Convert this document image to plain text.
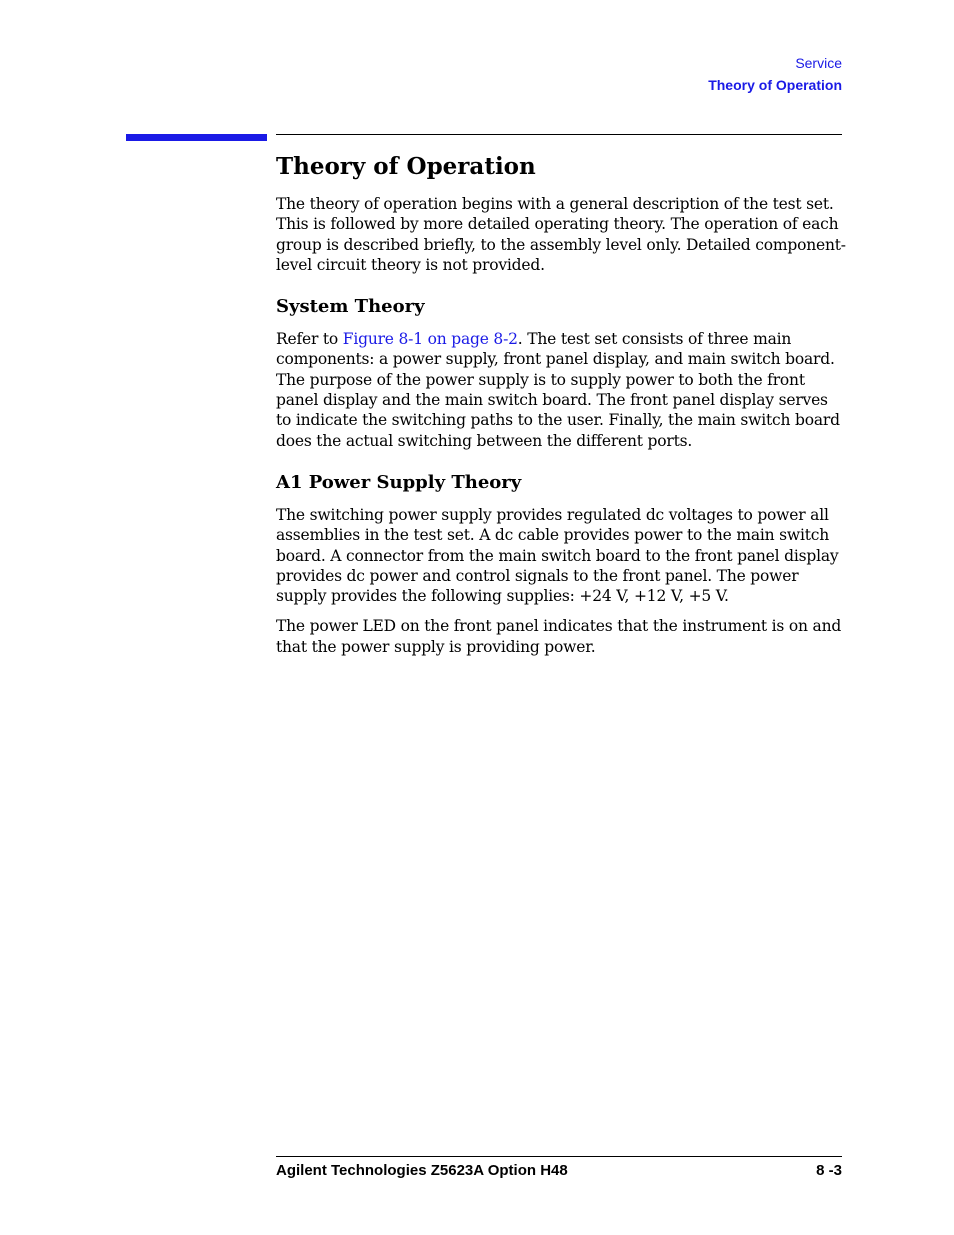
Service
Theory of Operation
Theory of Operation

The theory of operation begins with a general description of the test set. This is followed by more detailed operating theory. The operation of each group is described briefly, to the assembly level only. Detailed component-level circuit theory is not provided.

System Theory

Refer to Figure 8-1 on page 8-2. The test set consists of three main components: a power supply, front panel display, and main switch board. The purpose of the power supply is to supply power to both the front panel display and the main switch board. The front panel display serves to indicate the switching paths to the user. Finally, the main switch board does the actual switching between the different ports.

A1 Power Supply Theory

The switching power supply provides regulated dc voltages to power all assemblies in the test set. A dc cable provides power to the main switch board. A connector from the main switch board to the front panel display provides dc power and control signals to the front panel. The power supply provides the following supplies: +24 V, +12 V, +5 V.

The power LED on the front panel indicates that the instrument is on and that the power supply is providing power.

Agilent Technologies Z5623A Option H48	8 -3
